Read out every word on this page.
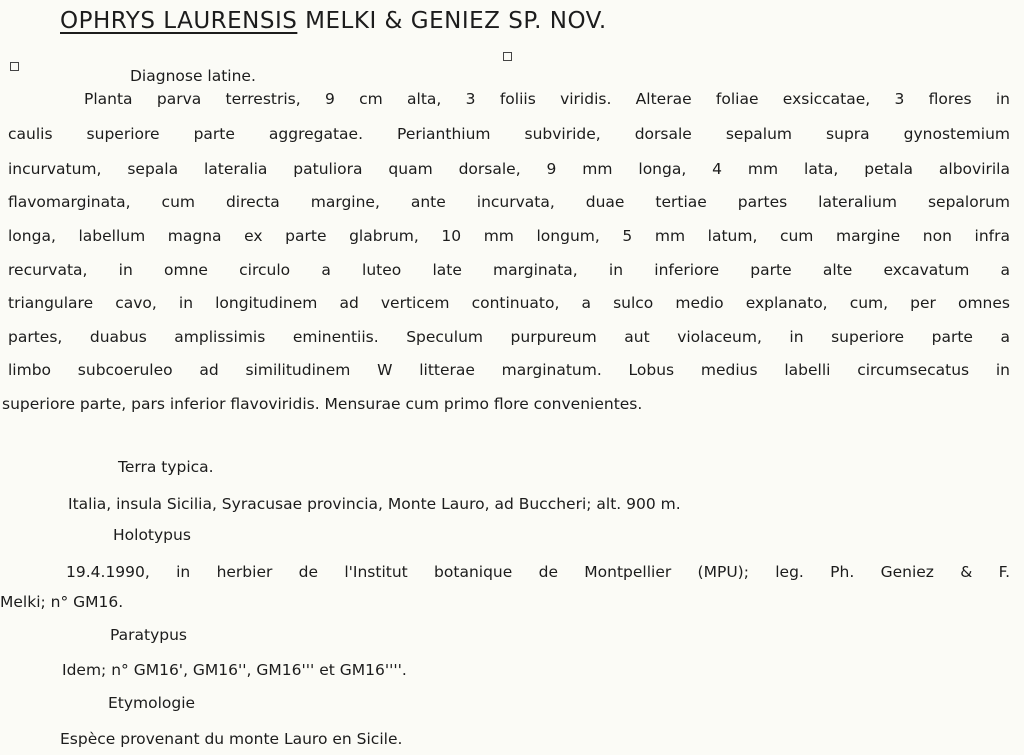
OPHRYS LAURENSIS MELKI & GENIEZ SP. NOV.
Diagnose latine.
Planta parva terrestris, 9 cm alta, 3 foliis viridis. Alterae foliae exsiccatae, 3 flores in
caulis superiore parte aggregatae. Perianthium subviride, dorsale sepalum supra gynostemium
incurvatum, sepala lateralia patuliora quam dorsale, 9 mm longa, 4 mm lata, petala albovirila
flavomarginata, cum directa margine, ante incurvata, duae tertiae partes lateralium sepalorum
longa, labellum magna ex parte glabrum, 10 mm longum, 5 mm latum, cum margine non infra
recurvata, in omne circulo a luteo late marginata, in inferiore parte alte excavatum a
triangulare cavo, in longitudinem ad verticem continuato, a sulco medio explanato, cum, per omnes
partes, duabus amplissimis eminentiis. Speculum purpureum aut violaceum, in superiore parte a
limbo subcoeruleo ad similitudinem W litterae marginatum. Lobus medius labelli circumsecatus in
superiore parte, pars inferior flavoviridis. Mensurae cum primo flore convenientes.
Terra typica.
Italia, insula Sicilia, Syracusae provincia, Monte Lauro, ad Buccheri; alt. 900 m.
Holotypus
19.4.1990, in herbier de l'Institut botanique de Montpellier (MPU); leg. Ph. Geniez & F.
Melki; n° GM16.
Paratypus
Idem; n° GM16', GM16'', GM16''' et GM16''''.
Etymologie
Espèce provenant du monte Lauro en Sicile.
